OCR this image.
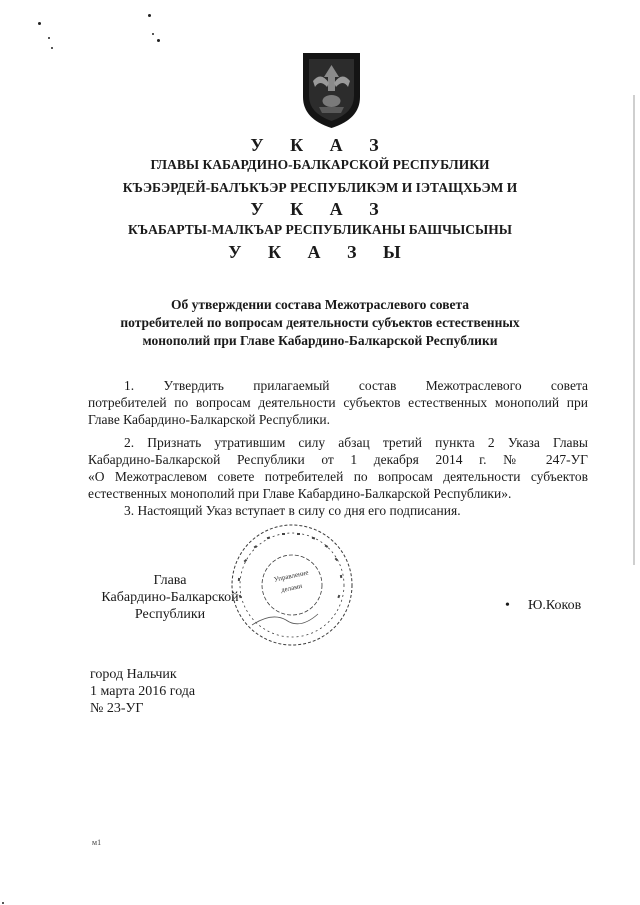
У К А З
ГЛАВЫ КАБАРДИНО-БАЛКАРСКОЙ РЕСПУБЛИКИ
КЪЭБЭРДЕЙ-БАЛЪКЪЭР РЕСПУБЛИКЭМ И ІЭТАЩХЬЭМ И
У К А З
КЪАБАРТЫ-МАЛКЪАР РЕСПУБЛИКАНЫ БАШЧЫСЫНЫ
У К А З Ы
Об утверждении состава Межотраслевого совета
потребителей по вопросам деятельности субъектов естественных
монополий при Главе Кабардино-Балкарской Республики

1. Утвердить прилагаемый состав Межотраслевого совета

потребителей по вопросам деятельности субъектов естественных монополий при Главе Кабардино-Балкарской Республики.

2. Признать утратившим силу абзац третий пункта 2 Указа Главы

Кабардино-Балкарской Республики от 1 декабря 2014 г. № 247-УГ

«О Межотраслевом совете потребителей по вопросам деятельности субъектов естественных монополий при Главе Кабардино-Балкарской Республики».

3. Настоящий Указ вступает в силу со дня его подписания.

Управление
делами
Глава
Кабардино-Балкарской
Республики
• Ю.Коков
город Нальчик
1 марта 2016 года
№ 23-УГ
м1
